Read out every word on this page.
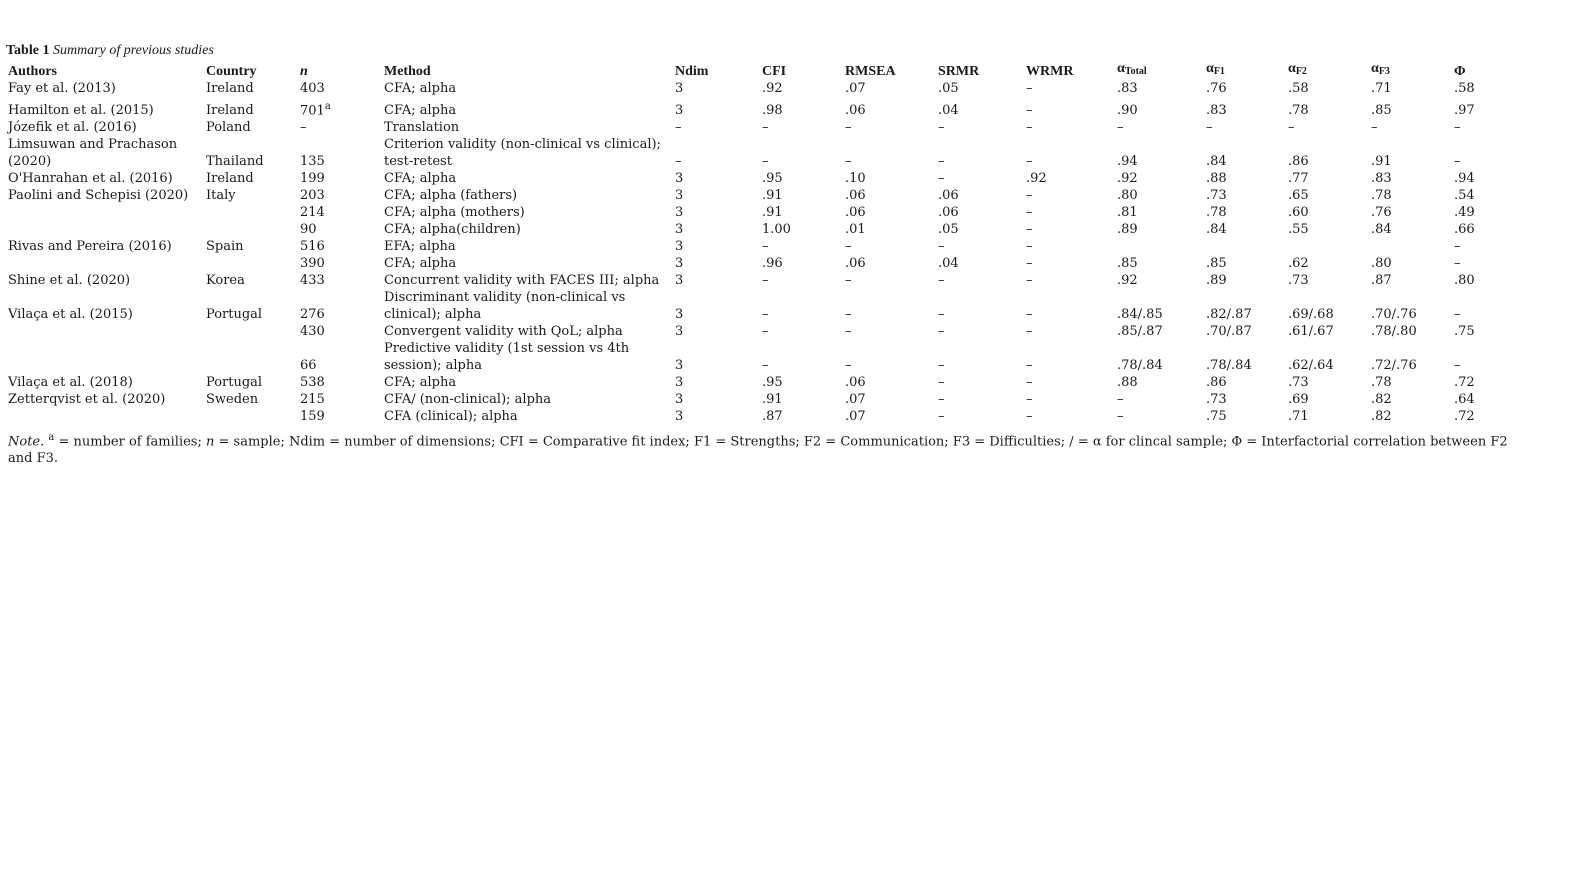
Table 1 Summary of previous studies
Authors	Country	n	Method	Ndim	CFI	RMSEA	SRMR	WRMR	$\alpha_{Total}$	$\alpha_{F1}$	$\alpha_{F2}$	$\alpha_{F3}$	Φ
Fay et al. (2013)	Ireland	403	CFA; alpha	3	.92	.07	.05	–	.83	.76	.58	.71	.58
Hamilton et al. (2015)	Ireland	701$^a$	CFA; alpha	3	.98	.06	.04	–	.90	.83	.78	.85	.97
Józefik et al. (2016)	Poland	–	Translation	–	–	–	–	–	–	–	–	–	–
Limsuwan and Prachason (2020)	Thailand	135	Criterion validity (non-clinical vs clinical); test-retest	–	–	–	–	–	.94	.84	.86	.91	–
O'Hanrahan et al. (2016)	Ireland	199	CFA; alpha	3	.95	.10	–	.92	.92	.88	.77	.83	.94
Paolini and Schepisi (2020)	Italy	203	CFA; alpha (fathers)	3	.91	.06	.06	–	.80	.73	.65	.78	.54
		214	CFA; alpha (mothers)	3	.91	.06	.06	–	.81	.78	.60	.76	.49
		90	CFA; alpha(children)	3	1.00	.01	.05	–	.89	.84	.55	.84	.66
Rivas and Pereira (2016)	Spain	516	EFA; alpha	3	–	–	–	–					–
		390	CFA; alpha	3	.96	.06	.04	–	.85	.85	.62	.80	–
Shine et al. (2020)	Korea	433	Concurrent validity with FACES III; alpha	3	–	–	–	–	.92	.89	.73	.87	.80
Vilaça et al. (2015)	Portugal	276	Discriminant validity (non-clinical vs clinical); alpha	3	–	–	–	–	.84/.85	.82/.87	.69/.68	.70/.76	–
		430	Convergent validity with QoL; alpha	3	–	–	–	–	.85/.87	.70/.87	.61/.67	.78/.80	.75
		66	Predictive validity (1st session vs 4th session); alpha	3	–	–	–	–	.78/.84	.78/.84	.62/.64	.72/.76	–
Vilaça et al. (2018)	Portugal	538	CFA; alpha	3	.95	.06	–	–	.88	.86	.73	.78	.72
Zetterqvist et al. (2020)	Sweden	215	CFA/ (non-clinical); alpha	3	.91	.07	–	–	–	.73	.69	.82	.64
		159	CFA (clinical); alpha	3	.87	.07	–	–	–	.75	.71	.82	.72
Note. $^a$ = number of families; n = sample; Ndim = number of dimensions; CFI = Comparative fit index; F1 = Strengths; F2 = Communication; F3 = Difficulties; / = α for clincal sample; Φ = Interfactorial correlation between F2 and F3.
